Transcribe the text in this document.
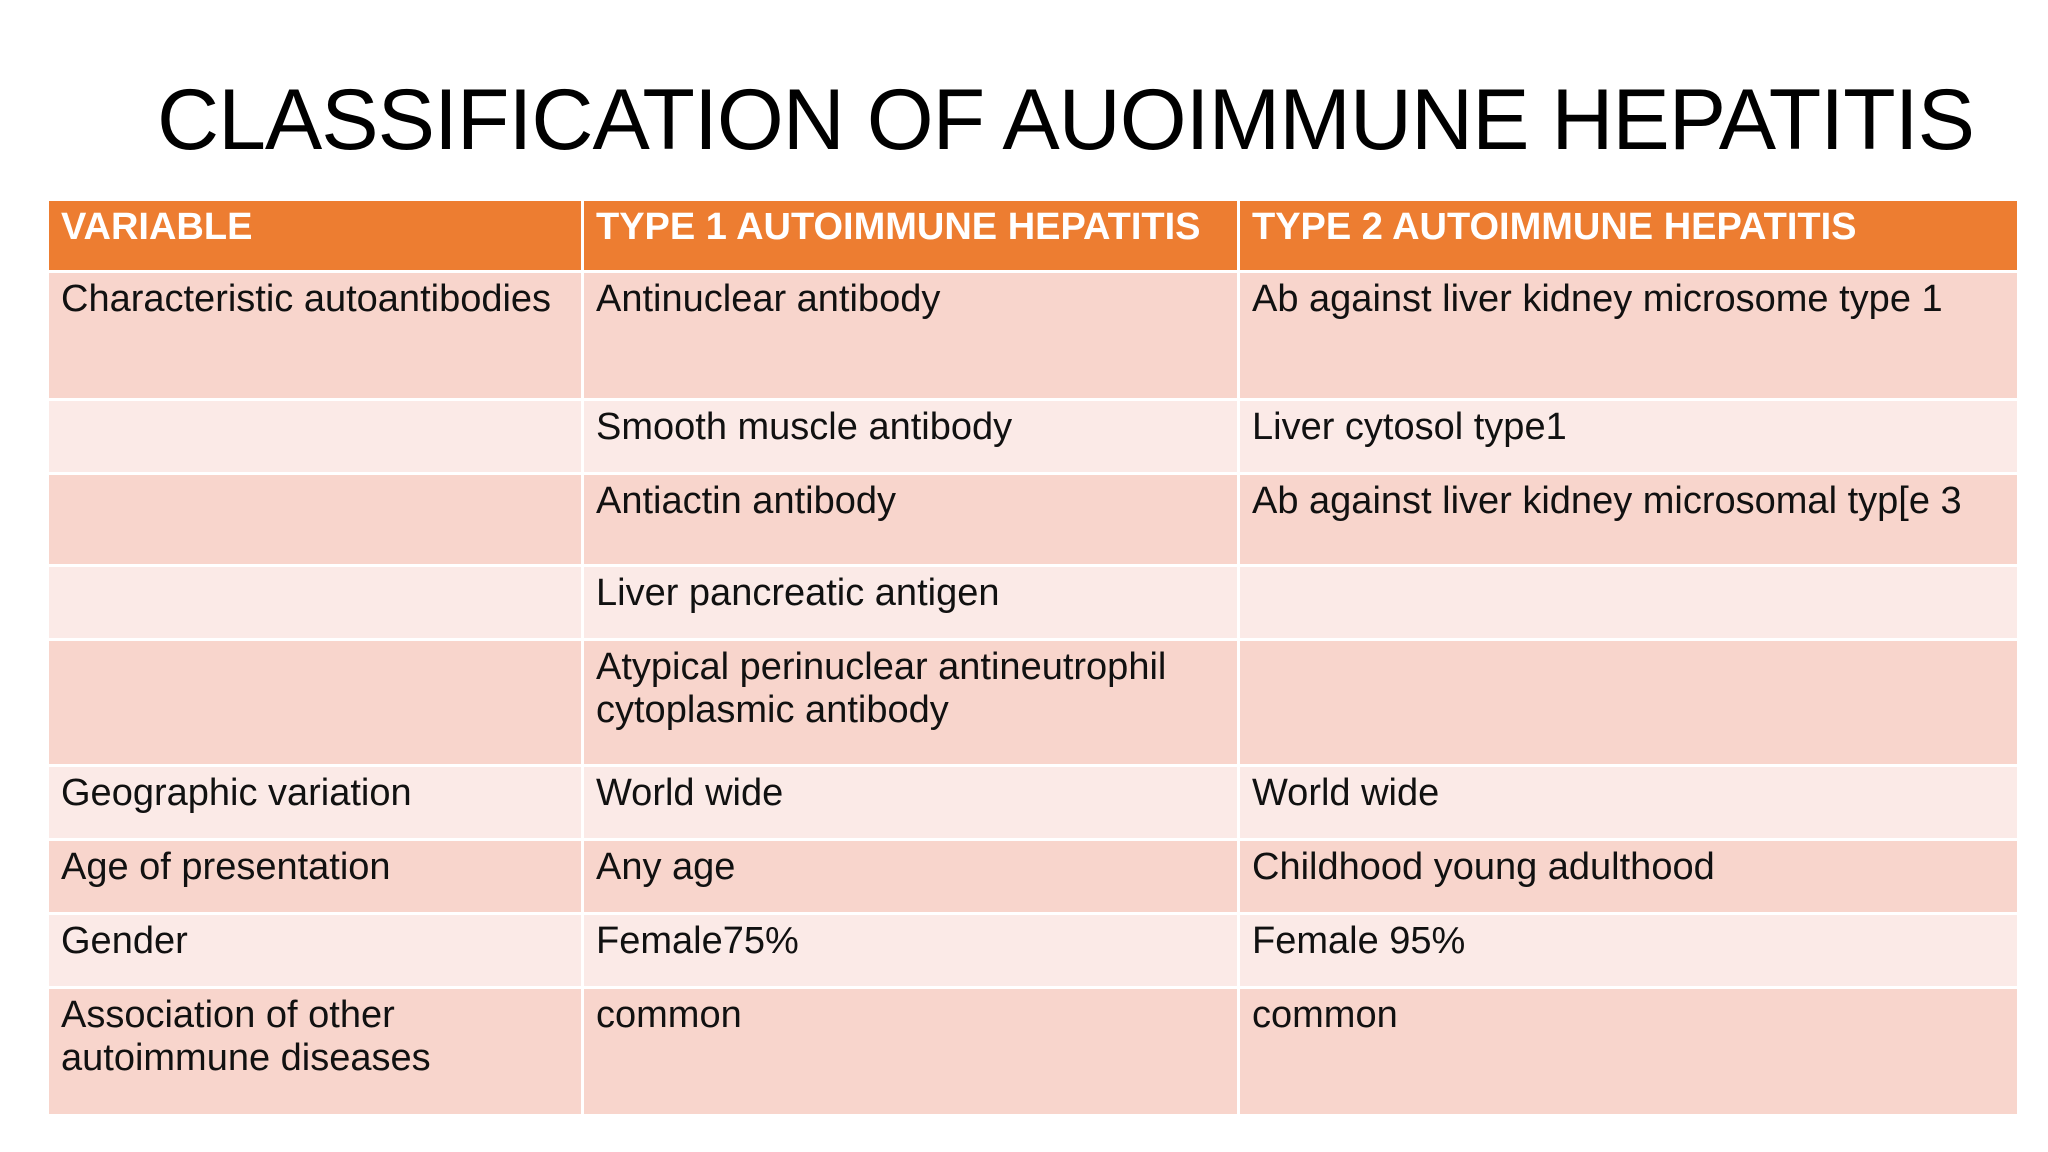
CLASSIFICATION OF AUOIMMUNE HEPATITIS
VARIABLE	TYPE 1 AUTOIMMUNE HEPATITIS	TYPE 2 AUTOIMMUNE HEPATITIS
Characteristic autoantibodies	Antinuclear antibody	Ab against liver kidney microsome type 1
	Smooth muscle antibody	Liver cytosol type1
	Antiactin antibody	Ab against liver kidney microsomal typ[e 3
	Liver pancreatic antigen	
	Atypical perinuclear antineutrophil cytoplasmic antibody	
Geographic variation	World wide	World wide
Age of presentation	Any age	Childhood young adulthood
Gender	Female75%	Female 95%
Association of other autoimmune diseases	common	common
